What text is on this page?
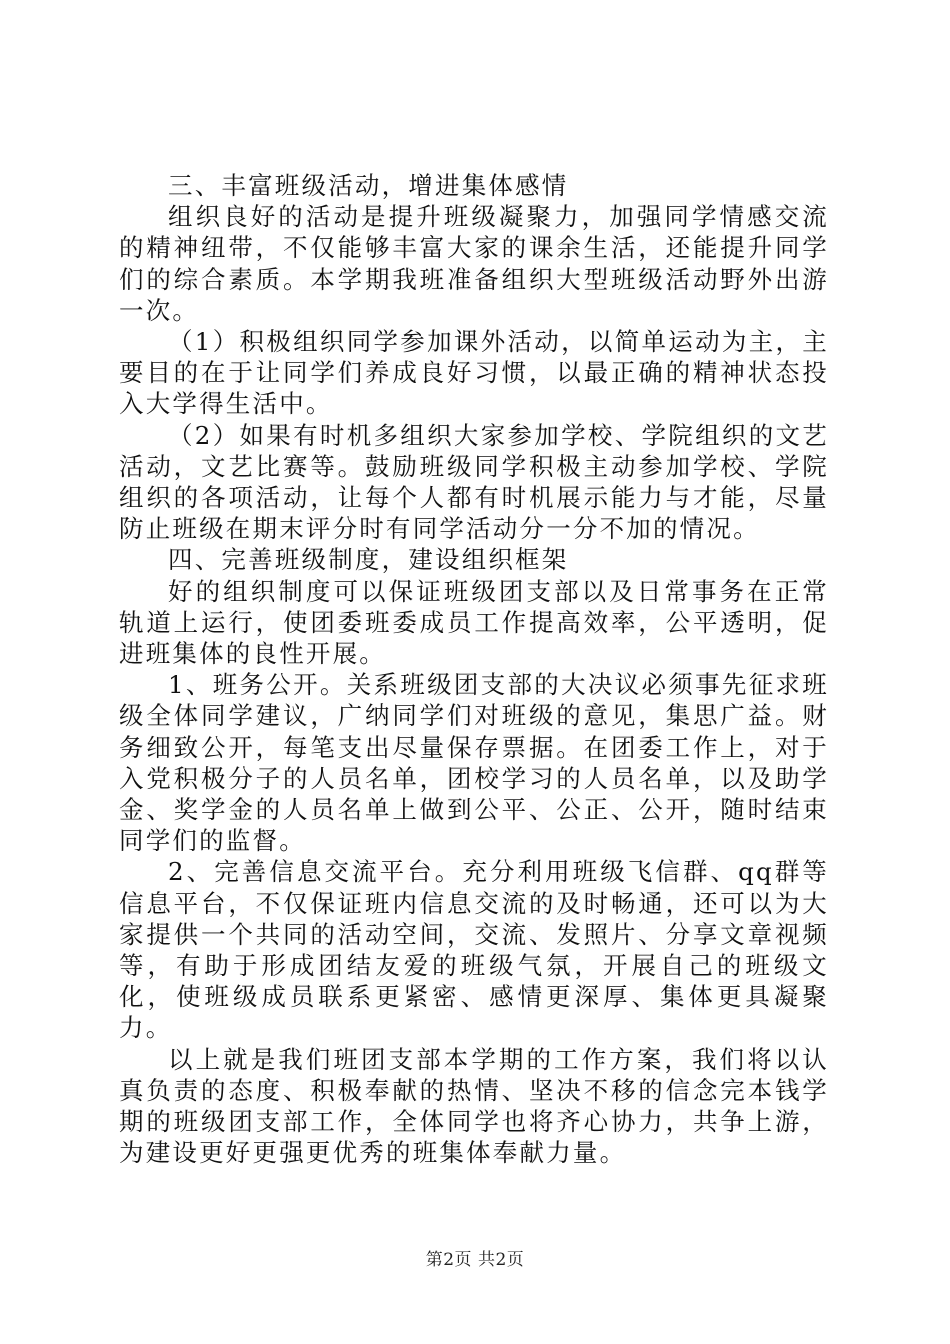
三、丰富班级活动，增进集体感情

组织良好的活动是提升班级凝聚力，加强同学情感交流的精神纽带，不仅能够丰富大家的课余生活，还能提升同学们的综合素质。本学期我班准备组织大型班级活动野外出游一次。

（1）积极组织同学参加课外活动，以简单运动为主，主要目的在于让同学们养成良好习惯，以最正确的精神状态投入大学得生活中。

（2）如果有时机多组织大家参加学校、学院组织的文艺活动，文艺比赛等。鼓励班级同学积极主动参加学校、学院组织的各项活动，让每个人都有时机展示能力与才能，尽量防止班级在期末评分时有同学活动分一分不加的情况。

四、完善班级制度，建设组织框架

好的组织制度可以保证班级团支部以及日常事务在正常轨道上运行，使团委班委成员工作提高效率，公平透明，促进班集体的良性开展。

1、班务公开。关系班级团支部的大决议必须事先征求班级全体同学建议，广纳同学们对班级的意见，集思广益。财务细致公开，每笔支出尽量保存票据。在团委工作上，对于入党积极分子的人员名单，团校学习的人员名单，以及助学金、奖学金的人员名单上做到公平、公正、公开，随时结束同学们的监督。

2、完善信息交流平台。充分利用班级飞信群、qq群等信息平台，不仅保证班内信息交流的及时畅通，还可以为大家提供一个共同的活动空间，交流、发照片、分享文章视频等，有助于形成团结友爱的班级气氛，开展自己的班级文化，使班级成员联系更紧密、感情更深厚、集体更具凝聚力。

以上就是我们班团支部本学期的工作方案，我们将以认真负责的态度、积极奉献的热情、坚决不移的信念完本钱学期的班级团支部工作，全体同学也将齐心协力，共争上游，为建设更好更强更优秀的班集体奉献力量。

第2页 共2页
